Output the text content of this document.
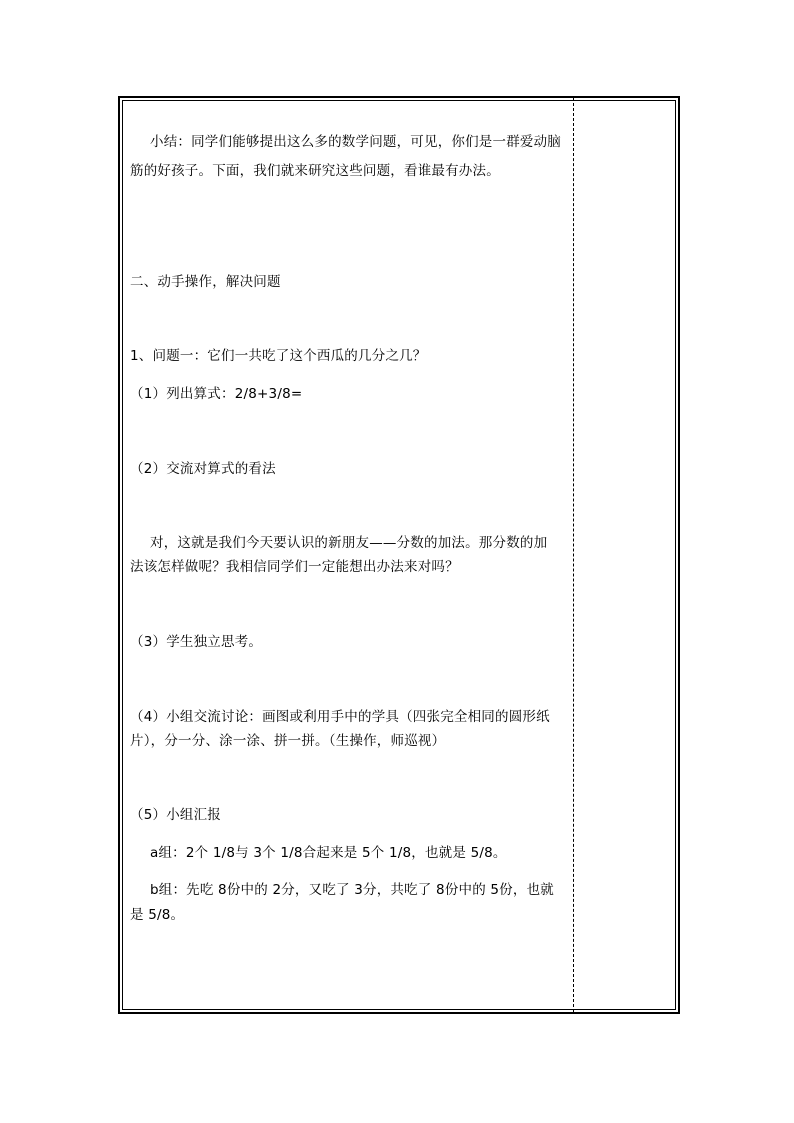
小结：同学们能够提出这么多的数学问题，可见，你们是一群爱动脑
筋的好孩子。下面，我们就来研究这些问题，看谁最有办法。
二、动手操作，解决问题
1、问题一：它们一共吃了这个西瓜的几分之几？
（1）列出算式：2/8+3/8=
（2）交流对算式的看法
对，这就是我们今天要认识的新朋友——分数的加法。那分数的加
法该怎样做呢？我相信同学们一定能想出办法来对吗？
（3）学生独立思考。
（4）小组交流讨论：画图或利用手中的学具（四张完全相同的圆形纸
片），分一分、涂一涂、拼一拼。（生操作，师巡视）
（5）小组汇报
a组：2个 1/8与 3个 1/8合起来是 5个 1/8，也就是 5/8。
b组：先吃 8份中的 2分，又吃了 3分，共吃了 8份中的 5份，也就
是 5/8。
